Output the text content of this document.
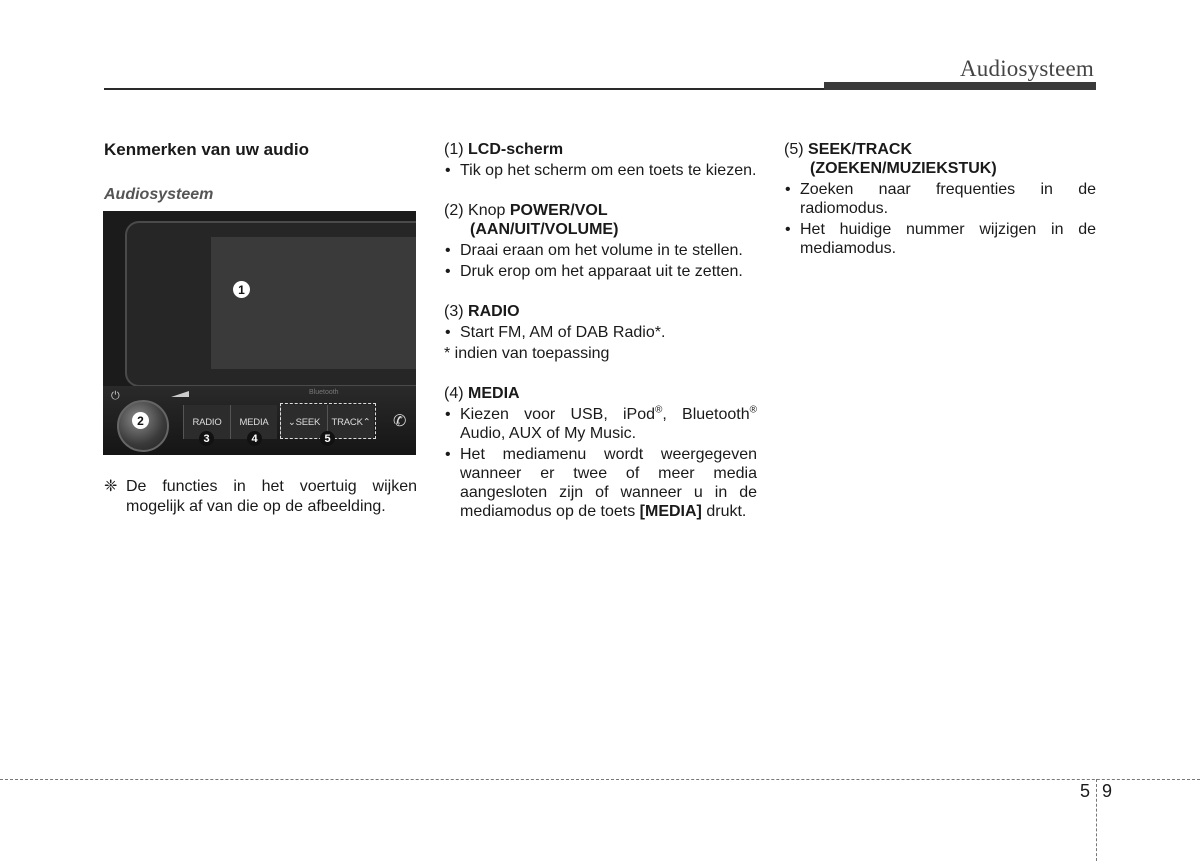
Audiosysteem
Kenmerken van uw audio
Audiosysteem
1
⏻	Bluetooth
2	RADIO	MEDIA	⌄ SEEK TRACK ⌃ ✆
3	4	5
❈ De functies in het voertuig wijken mogelijk af van die op de afbeelding.
(1) LCD-scherm
• Tik op het scherm om een toets te kiezen.
(2) Knop POWER/VOL
(AAN/UIT/VOLUME)
• Draai eraan om het volume in te stellen.
• Druk erop om het apparaat uit te zetten.
(3) RADIO
• Start FM, AM of DAB Radio*.
* indien van toepassing
(4) MEDIA
• Kiezen voor USB, iPod®, Bluetooth® Audio, AUX of My Music.
• Het mediamenu wordt weergegeven wanneer er twee of meer media aangesloten zijn of wanneer u in de mediamodus op de toets [MEDIA] drukt.
(5) SEEK/TRACK
(ZOEKEN/MUZIEKSTUK)
• Zoeken naar frequenties in de radiomodus.
• Het huidige nummer wijzigen in de mediamodus.
5 9
